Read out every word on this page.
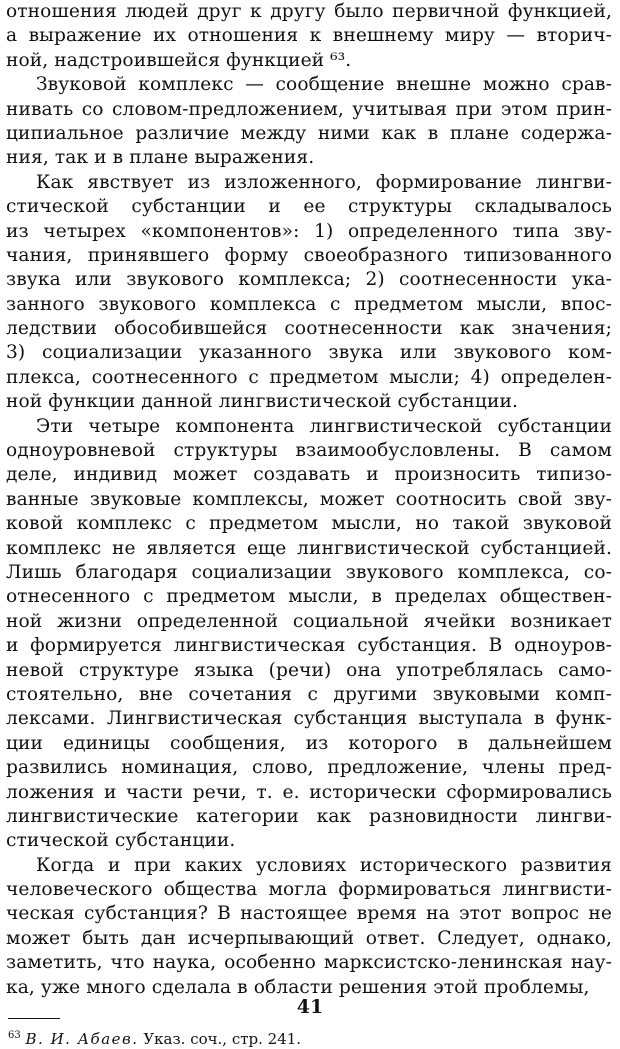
отношения людей друг к другу было первичной функцией,
а выражение их отношения к внешнему миру — вторич-
ной, надстроившейся функцией ⁶³.
Звуковой комплекс — сообщение внешне можно срав-
нивать со словом-предложением, учитывая при этом прин-
ципиальное различие между ними как в плане содержа-
ния, так и в плане выражения.
Как явствует из изложенного, формирование лингви-
стической субстанции и ее структуры складывалось
из четырех «компонентов»: 1) определенного типа зву-
чания, принявшего форму своеобразного типизованного
звука или звукового комплекса; 2) соотнесенности ука-
занного звукового комплекса с предметом мысли, впос-
ледствии обособившейся соотнесенности как значения;
3) социализации указанного звука или звукового ком-
плекса, соотнесенного с предметом мысли; 4) определен-
ной функции данной лингвистической субстанции.
Эти четыре компонента лингвистической субстанции
одноуровневой структуры взаимообусловлены. В самом
деле, индивид может создавать и произносить типизо-
ванные звуковые комплексы, может соотносить свой зву-
ковой комплекс с предметом мысли, но такой звуковой
комплекс не является еще лингвистической субстанцией.
Лишь благодаря социализации звукового комплекса, со-
отнесенного с предметом мысли, в пределах обществен-
ной жизни определенной социальной ячейки возникает
и формируется лингвистическая субстанция. В одноуров-
невой структуре языка (речи) она употреблялась само-
стоятельно, вне сочетания с другими звуковыми комп-
лексами. Лингвистическая субстанция выступала в функ-
ции единицы сообщения, из которого в дальнейшем
развились номинация, слово, предложение, члены пред-
ложения и части речи, т. е. исторически сформировались
лингвистические категории как разновидности лингви-
стической субстанции.
Когда и при каких условиях исторического развития
человеческого общества могла формироваться лингвисти-
ческая субстанция? В настоящее время на этот вопрос не
может быть дан исчерпывающий ответ. Следует, однако,
заметить, что наука, особенно марксистско-ленинская нау-
ка, уже много сделала в области решения этой проблемы,
$^{63}$ В. И. Абаев. Указ. соч., стр. 241.
41
